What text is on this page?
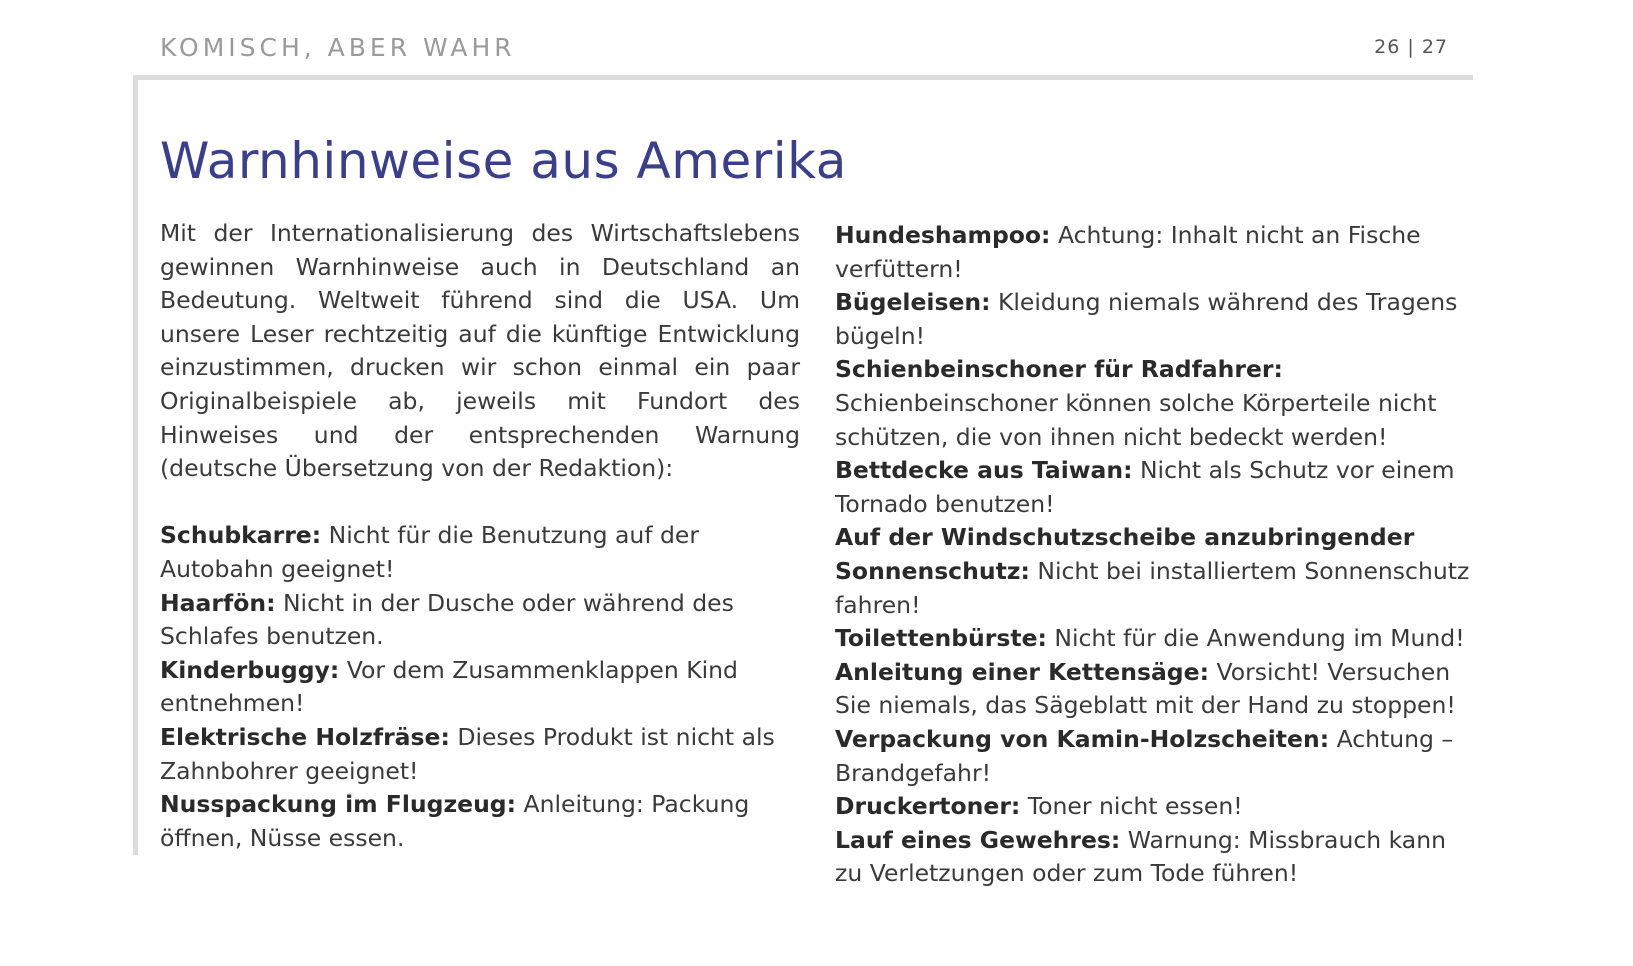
KOMISCH, ABER WAHR	26 | 27
Warnhinweise aus Amerika

Mit der Internationalisierung des Wirtschaftslebens gewinnen Warnhinweise auch in Deutschland an Bedeutung. Weltweit führend sind die USA. Um unsere Leser rechtzeitig auf die künftige Entwicklung einzustimmen, drucken wir schon einmal ein paar Originalbeispiele ab, jeweils mit Fundort des Hinweises und der entsprechenden Warnung (deutsche Übersetzung von der Redaktion):

Schubkarre: Nicht für die Benutzung auf der Autobahn geeignet!

Haarfön: Nicht in der Dusche oder während des Schlafes benutzen.

Kinderbuggy: Vor dem Zusammenklappen Kind entnehmen!

Elektrische Holzfräse: Dieses Produkt ist nicht als Zahnbohrer geeignet!

Nusspackung im Flugzeug: Anleitung: Packung öffnen, Nüsse essen.

Hundeshampoo: Achtung: Inhalt nicht an Fische verfüttern!

Bügeleisen: Kleidung niemals während des Tragens bügeln!

Schienbeinschoner für Radfahrer: Schienbeinschoner können solche Körperteile nicht schützen, die von ihnen nicht bedeckt werden!

Bettdecke aus Taiwan: Nicht als Schutz vor einem Tornado benutzen!

Auf der Windschutzscheibe anzubringender Sonnenschutz: Nicht bei installiertem Sonnenschutz fahren!

Toilettenbürste: Nicht für die Anwendung im Mund!

Anleitung einer Kettensäge: Vorsicht! Versuchen Sie niemals, das Sägeblatt mit der Hand zu stoppen!

Verpackung von Kamin-Holzscheiten: Achtung – Brandgefahr!

Druckertoner: Toner nicht essen!

Lauf eines Gewehres: Warnung: Missbrauch kann zu Verletzungen oder zum Tode führen!
